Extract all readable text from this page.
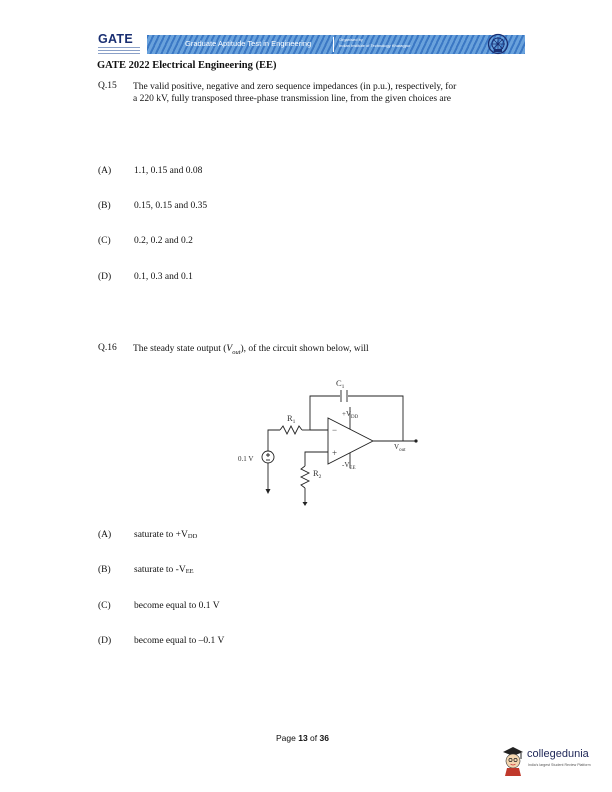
GATE	Graduate Aptitude Test in Engineering	Organised by
Indian Institute of Technology Kharagpur
GATE 2022 Electrical Engineering (EE)
Q.15 The valid positive, negative and zero sequence impedances (in p.u.), respectively, for
a 220 kV, fully transposed three-phase transmission line, from the given choices are
(A) 1.1, 0.15 and 0.08
(B) 0.15, 0.15 and 0.35
(C) 0.2, 0.2 and 0.2
(D) 0.1, 0.3 and 0.1
Q.16 The steady state output $(V_{out})$, of the circuit shown below, will
$C_1$
$R_1$
$R_2$
0.1 V
$+V_{DD}$
$-V_{EE}$
−
+
$V_{out}$
(A) saturate to $+V_{DD}$
(B) saturate to $-V_{EE}$
(C) become equal to 0.1 V
(D) become equal to –0.1 V
Page 13 of 36
collegedunia
India's largest Student Review Platform
